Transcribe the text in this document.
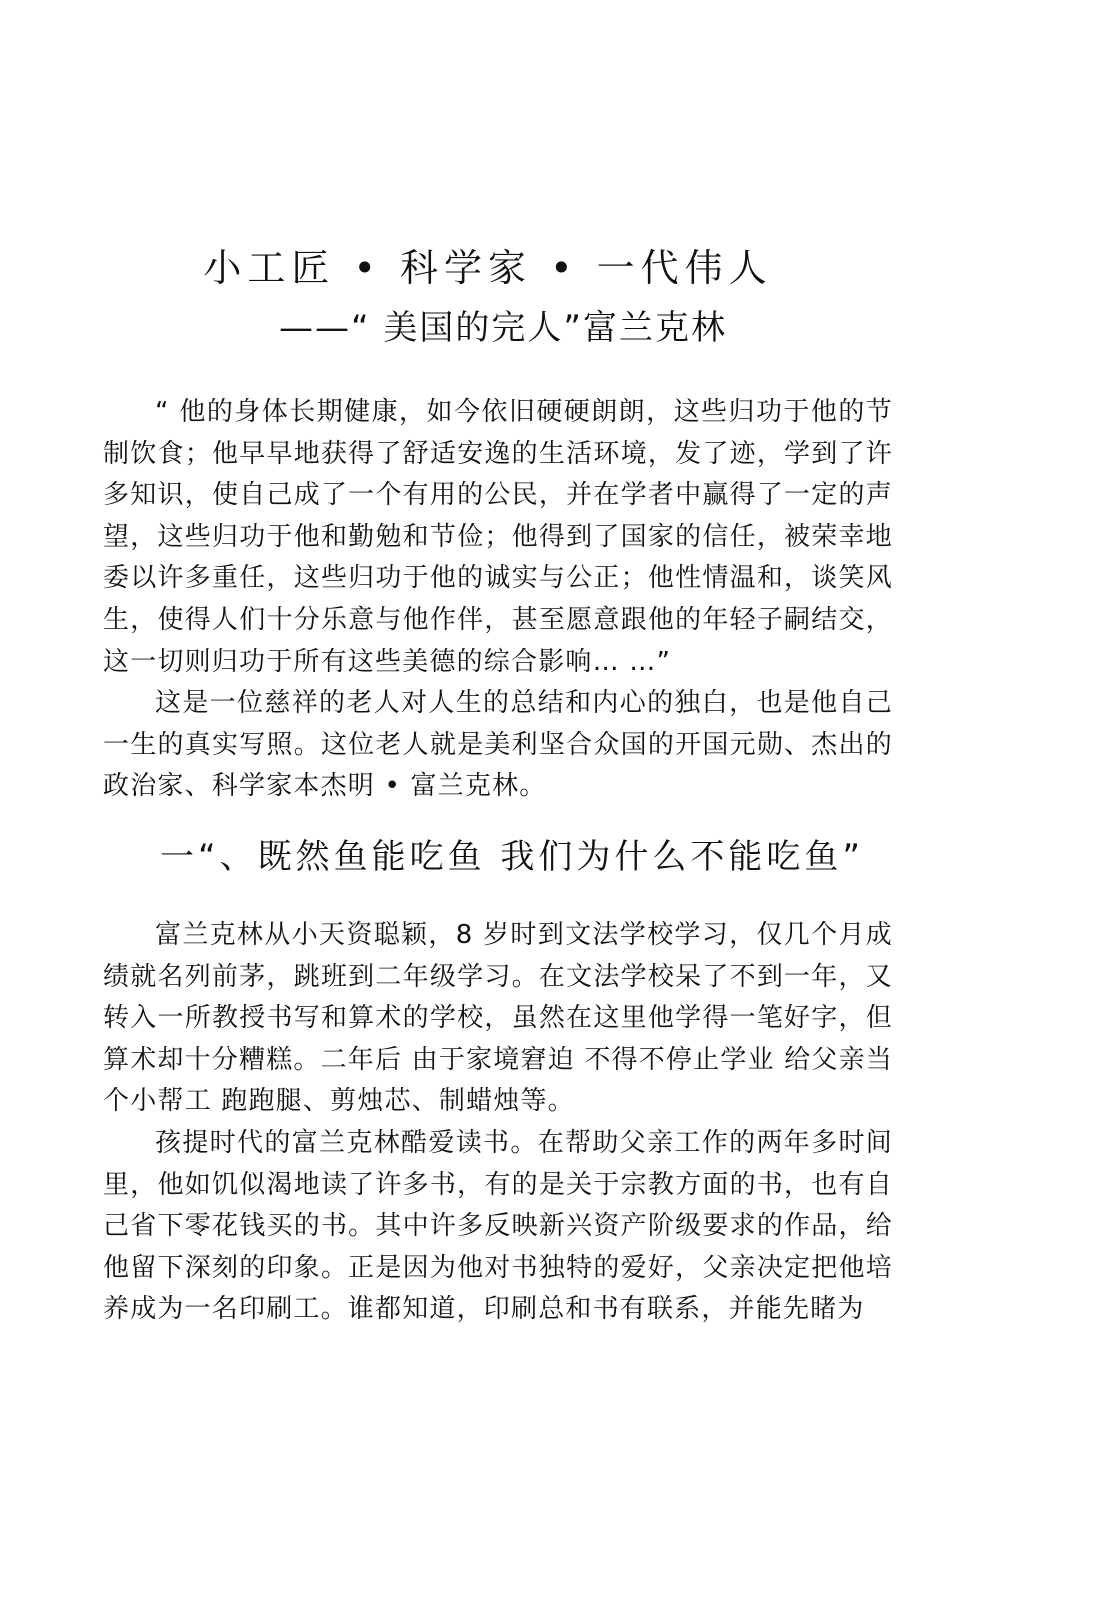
小工匠 • 科学家 • 一代伟人
——“ 美国的完人”富兰克林

“ 他的身体长期健康，如今依旧硬硬朗朗，这些归功于他的节制饮食；他早早地获得了舒适安逸的生活环境，发了迹，学到了许多知识，使自己成了一个有用的公民，并在学者中赢得了一定的声望，这些归功于他和勤勉和节俭；他得到了国家的信任，被荣幸地委以许多重任，这些归功于他的诚实与公正；他性情温和，谈笑风生，使得人们十分乐意与他作伴，甚至愿意跟他的年轻子嗣结交，这一切则归功于所有这些美德的综合影响… …”

这是一位慈祥的老人对人生的总结和内心的独白，也是他自己一生的真实写照。这位老人就是美利坚合众国的开国元勋、杰出的政治家、科学家本杰明 • 富兰克林。

一“、既然鱼能吃鱼 我们为什么不能吃鱼”

富兰克林从小天资聪颖，8 岁时到文法学校学习，仅几个月成绩就名列前茅，跳班到二年级学习。在文法学校呆了不到一年，又转入一所教授书写和算术的学校，虽然在这里他学得一笔好字，但算术却十分糟糕。二年后 由于家境窘迫 不得不停止学业 给父亲当个小帮工 跑跑腿、剪烛芯、制蜡烛等。

孩提时代的富兰克林酷爱读书。在帮助父亲工作的两年多时间里，他如饥似渴地读了许多书，有的是关于宗教方面的书，也有自己省下零花钱买的书。其中许多反映新兴资产阶级要求的作品，给他留下深刻的印象。正是因为他对书独特的爱好，父亲决定把他培养成为一名印刷工。谁都知道，印刷总和书有联系，并能先睹为
